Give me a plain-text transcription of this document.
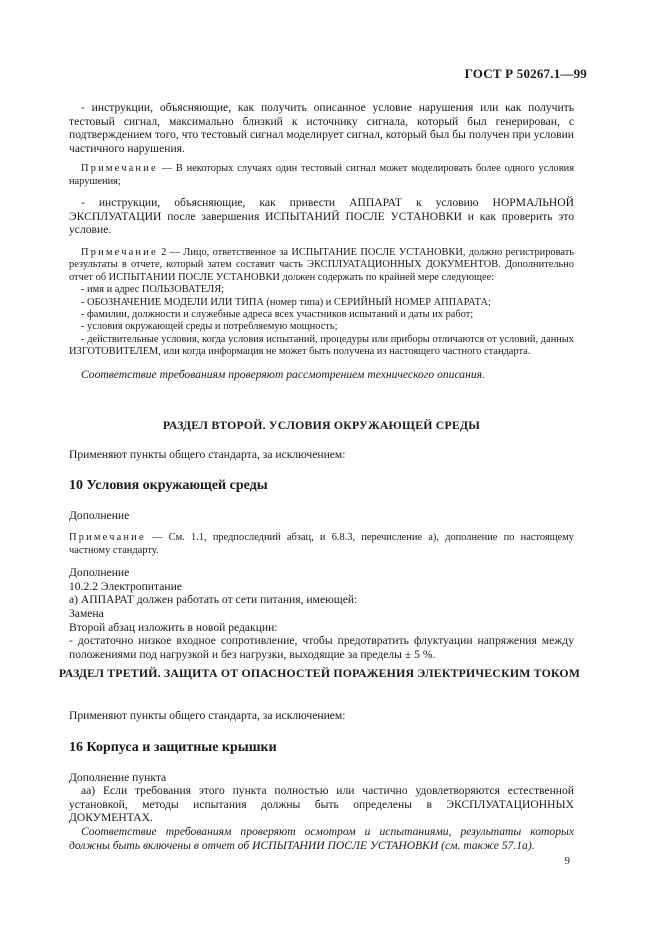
ГОСТ Р 50267.1—99

- инструкции, объясняющие, как получить описанное условие нарушения или как получить тестовый сигнал, максимально близкий к источнику сигнала, который был генерирован, с подтверждением того, что тестовый сигнал моделирует сигнал, который был бы получен при условии частичного нарушения.

Примечание — В некоторых случаях один тестовый сигнал может моделировать более одного условия нарушения;

- инструкции, объясняющие, как привести АППАРАТ к условию НОРМАЛЬНОЙ ЭКСПЛУАТАЦИИ после завершения ИСПЫТАНИЙ ПОСЛЕ УСТАНОВКИ и как проверить это условие.

Примечание 2 — Лицо, ответственное за ИСПЫТАНИЕ ПОСЛЕ УСТАНОВКИ, должно регистрировать результаты в отчете, который затем составит часть ЭКСПЛУАТАЦИОННЫХ ДОКУМЕНТОВ. Дополнительно отчет об ИСПЫТАНИИ ПОСЛЕ УСТАНОВКИ должен содержать по крайней мере следующее:

- имя и адрес ПОЛЬЗОВАТЕЛЯ;

- ОБОЗНАЧЕНИЕ МОДЕЛИ ИЛИ ТИПА (номер типа) и СЕРИЙНЫЙ НОМЕР АППАРАТА;

- фамилии, должности и служебные адреса всех участников испытаний и даты их работ;

- условия окружающей среды и потребляемую мощность;

- действительные условия, когда условия испытаний, процедуры или приборы отличаются от условий, данных ИЗГОТОВИТЕЛЕМ, или когда информация не может быть получена из настоящего частного стандарта.

Соответствие требованиям проверяют рассмотрением технического описания.

РАЗДЕЛ ВТОРОЙ. УСЛОВИЯ ОКРУЖАЮЩЕЙ СРЕДЫ

Применяют пункты общего стандарта, за исключением:

10 Условия окружающей среды

Дополнение

Примечание — См. 1.1, предпоследний абзац, и 6.8.3, перечисление а), дополнение по настоящему частному стандарту.

Дополнение

10.2.2 Электропитание

а) АППАРАТ должен работать от сети питания, имеющей:

Замена

Второй абзац изложить в новой редакции:

- достаточно низкое входное сопротивление, чтобы предотвратить флуктуации напряжения между положениями под нагрузкой и без нагрузки, выходящие за пределы ± 5 %.

РАЗДЕЛ ТРЕТИЙ. ЗАЩИТА ОТ ОПАСНОСТЕЙ ПОРАЖЕНИЯ ЭЛЕКТРИЧЕСКИМ ТОКОМ

Применяют пункты общего стандарта, за исключением:

16 Корпуса и защитные крышки

Дополнение пункта

аа) Если требования этого пункта полностью или частично удовлетворяются естественной установкой, методы испытания должны быть определены в ЭКСПЛУАТАЦИОННЫХ ДОКУМЕНТАХ.

Соответствие требованиям проверяют осмотром и испытаниями, результаты которых должны быть включены в отчет об ИСПЫТАНИИ ПОСЛЕ УСТАНОВКИ (см. также 57.1а).

9
